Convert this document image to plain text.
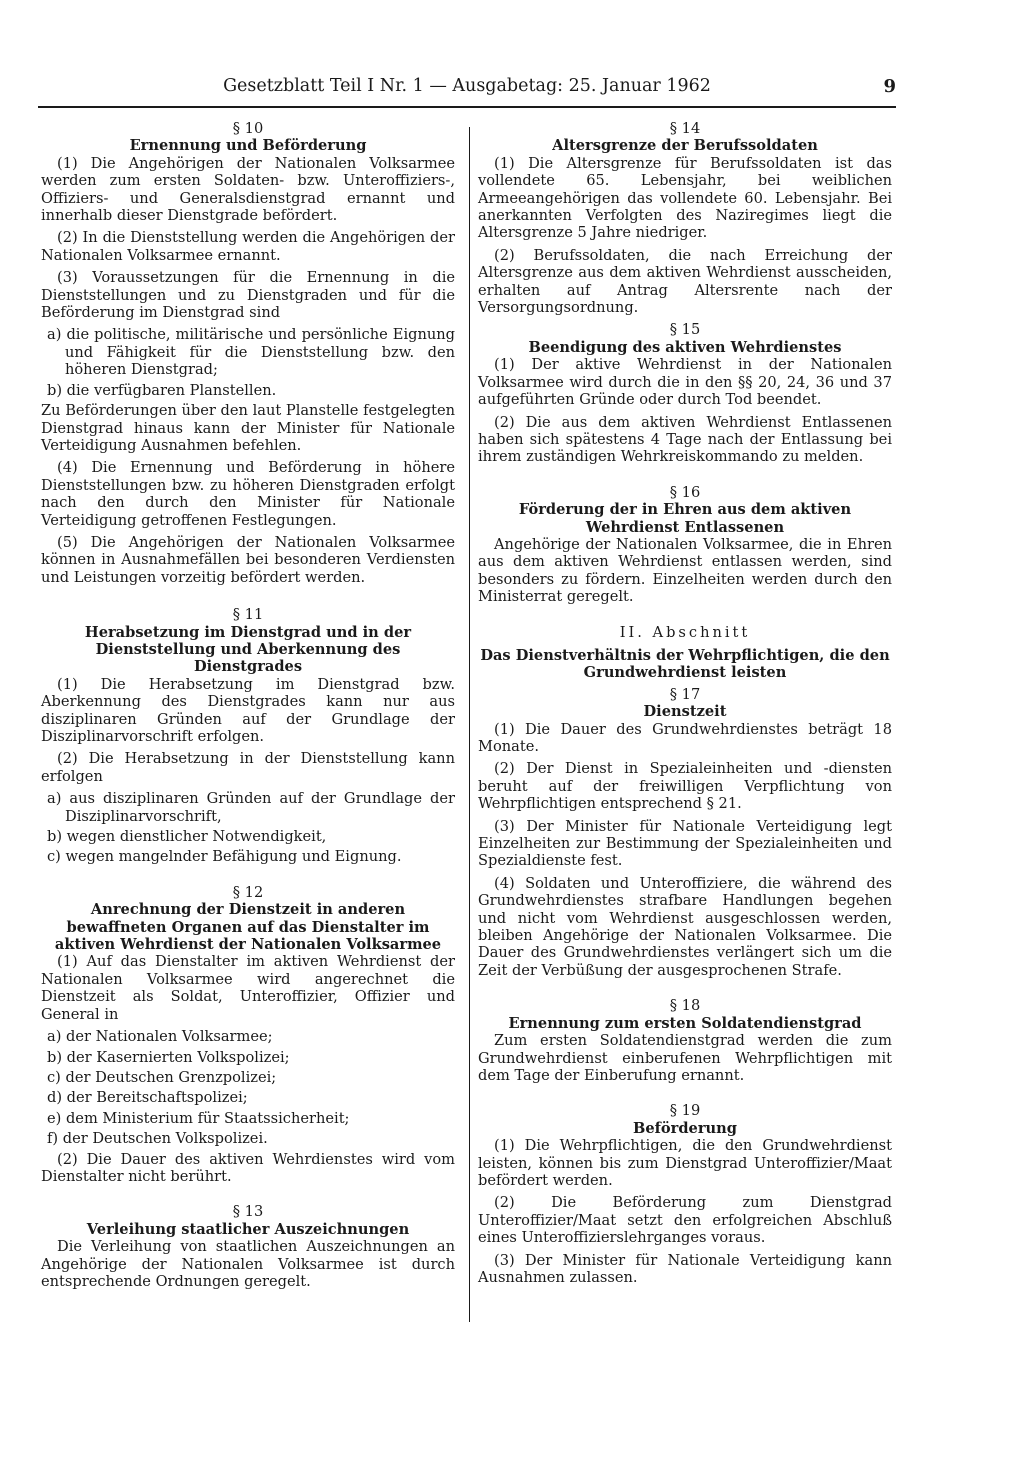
Gesetzblatt Teil I Nr. 1 — Ausgabetag: 25. Januar 1962	9
§ 10
Ernennung und Beförderung

(1) Die Angehörigen der Nationalen Volksarmee werden zum ersten Soldaten- bzw. Unteroffiziers-, Offiziers- und Generalsdienstgrad ernannt und innerhalb dieser Dienstgrade befördert.

(2) In die Dienststellung werden die Angehörigen der Nationalen Volksarmee ernannt.

(3) Voraussetzungen für die Ernennung in die Dienststellungen und zu Dienstgraden und für die Beförderung im Dienstgrad sind

a) die politische, militärische und persönliche Eignung und Fähigkeit für die Dienststellung bzw. den höheren Dienstgrad;
b) die verfügbaren Planstellen.

Zu Beförderungen über den laut Planstelle festgelegten Dienstgrad hinaus kann der Minister für Nationale Verteidigung Ausnahmen befehlen.

(4) Die Ernennung und Beförderung in höhere Dienststellungen bzw. zu höheren Dienstgraden erfolgt nach den durch den Minister für Nationale Verteidigung getroffenen Festlegungen.

(5) Die Angehörigen der Nationalen Volksarmee können in Ausnahmefällen bei besonderen Verdiensten und Leistungen vorzeitig befördert werden.

§ 11
Herabsetzung im Dienstgrad und in der Dienststellung und Aberkennung des Dienstgrades

(1) Die Herabsetzung im Dienstgrad bzw. Aberkennung des Dienstgrades kann nur aus disziplinaren Gründen auf der Grundlage der Disziplinarvorschrift erfolgen.

(2) Die Herabsetzung in der Dienststellung kann erfolgen

a) aus disziplinaren Gründen auf der Grundlage der Disziplinarvorschrift,
b) wegen dienstlicher Notwendigkeit,
c) wegen mangelnder Befähigung und Eignung.
§ 12
Anrechnung der Dienstzeit in anderen bewaffneten Organen auf das Dienstalter im aktiven Wehrdienst der Nationalen Volksarmee

(1) Auf das Dienstalter im aktiven Wehrdienst der Nationalen Volksarmee wird angerechnet die Dienstzeit als Soldat, Unteroffizier, Offizier und General in

a) der Nationalen Volksarmee;
b) der Kasernierten Volkspolizei;
c) der Deutschen Grenzpolizei;
d) der Bereitschaftspolizei;
e) dem Ministerium für Staatssicherheit;
f) der Deutschen Volkspolizei.

(2) Die Dauer des aktiven Wehrdienstes wird vom Dienstalter nicht berührt.

§ 13
Verleihung staatlicher Auszeichnungen

Die Verleihung von staatlichen Auszeichnungen an Angehörige der Nationalen Volksarmee ist durch entsprechende Ordnungen geregelt.

§ 14
Altersgrenze der Berufssoldaten

(1) Die Altersgrenze für Berufssoldaten ist das vollendete 65. Lebensjahr, bei weiblichen Armeeangehörigen das vollendete 60. Lebensjahr. Bei anerkannten Verfolgten des Naziregimes liegt die Altersgrenze 5 Jahre niedriger.

(2) Berufssoldaten, die nach Erreichung der Altersgrenze aus dem aktiven Wehrdienst ausscheiden, erhalten auf Antrag Altersrente nach der Versorgungsordnung.

§ 15
Beendigung des aktiven Wehrdienstes

(1) Der aktive Wehrdienst in der Nationalen Volksarmee wird durch die in den §§ 20, 24, 36 und 37 aufgeführten Gründe oder durch Tod beendet.

(2) Die aus dem aktiven Wehrdienst Entlassenen haben sich spätestens 4 Tage nach der Entlassung bei ihrem zuständigen Wehrkreiskommando zu melden.

§ 16
Förderung der in Ehren aus dem aktiven Wehrdienst Entlassenen

Angehörige der Nationalen Volksarmee, die in Ehren aus dem aktiven Wehrdienst entlassen werden, sind besonders zu fördern. Einzelheiten werden durch den Ministerrat geregelt.

II. Abschnitt
Das Dienstverhältnis der Wehrpflichtigen, die den Grundwehrdienst leisten
§ 17
Dienstzeit

(1) Die Dauer des Grundwehrdienstes beträgt 18 Monate.

(2) Der Dienst in Spezialeinheiten und -diensten beruht auf der freiwilligen Verpflichtung von Wehrpflichtigen entsprechend § 21.

(3) Der Minister für Nationale Verteidigung legt Einzelheiten zur Bestimmung der Spezialeinheiten und Spezialdienste fest.

(4) Soldaten und Unteroffiziere, die während des Grundwehrdienstes strafbare Handlungen begehen und nicht vom Wehrdienst ausgeschlossen werden, bleiben Angehörige der Nationalen Volksarmee. Die Dauer des Grundwehrdienstes verlängert sich um die Zeit der Verbüßung der ausgesprochenen Strafe.

§ 18
Ernennung zum ersten Soldatendienstgrad

Zum ersten Soldatendienstgrad werden die zum Grundwehrdienst einberufenen Wehrpflichtigen mit dem Tage der Einberufung ernannt.

§ 19
Beförderung

(1) Die Wehrpflichtigen, die den Grundwehrdienst leisten, können bis zum Dienstgrad Unteroffizier/Maat befördert werden.

(2) Die Beförderung zum Dienstgrad Unteroffizier/Maat setzt den erfolgreichen Abschluß eines Unteroffizierslehrganges voraus.

(3) Der Minister für Nationale Verteidigung kann Ausnahmen zulassen.
